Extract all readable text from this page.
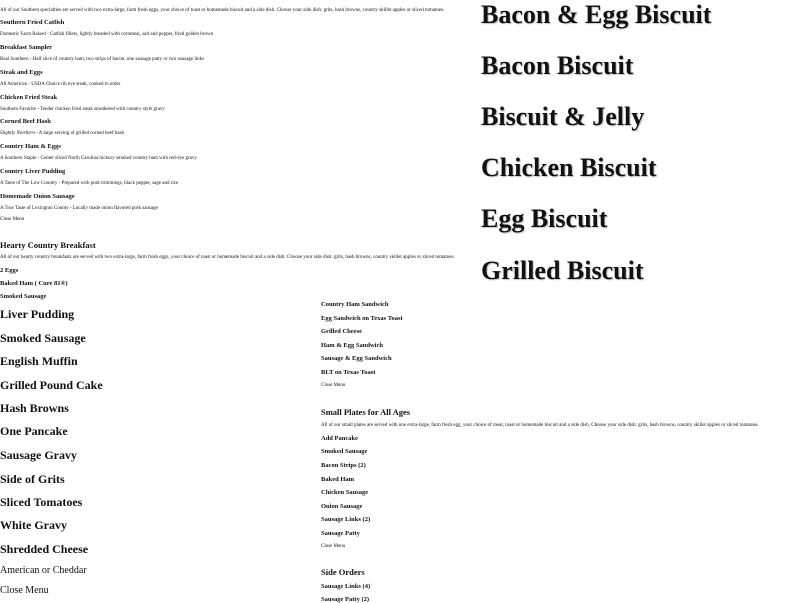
All of our Southern specialties are served with two extra-large, farm fresh eggs, your choice of toast or homemade biscuit and a side dish. Choose your side dish: grits, hash browns, country skillet apples or sliced tomatoes.
Southern Fried Catfish
Domestic Farm Raised - Catfish fillets, lightly breaded with cornmeal, salt and pepper, fried golden brown
Breakfast Sampler
Real Southern - Half slice of country ham, two strips of bacon, one sausage patty or two sausage links
Steak and Eggs
All American - USDA Choice rib eye steak, cooked to order
Chicken Fried Steak
Southern Favorite - Tender chicken fried steak smothered with country style gravy
Corned Beef Hash
Slightly Northern - A large serving of grilled corned beef hash
Country Ham & Eggs
A Southern Staple - Center sliced North Carolina hickory smoked country ham with red-eye gravy
Country Liver Pudding
A Taste of The Low Country - Prepared with pork trimmings, black pepper, sage and rice
Homemade Onion Sausage
A True Taste of Lexington County - Locally made onion flavored pork sausage
Close Menu
Hearty Country Breakfast
All of our hearty country breakfasts are served with two extra-large, farm fresh eggs, your choice of toast or homemade biscuit and a side dish. Choose your side dish: grits, hash browns, country skillet apples or sliced tomatoes.
2 Eggs
Baked Ham ( Cure 81®)
Smoked Sausage
Liver Pudding
Smoked Sausage
English Muffin
Grilled Pound Cake
Hash Browns
One Pancake
Sausage Gravy
Side of Grits
Sliced Tomatoes
White Gravy
Shredded Cheese
American or Cheddar
Close Menu
Bacon & Egg Biscuit
Bacon Biscuit
Biscuit & Jelly
Chicken Biscuit
Egg Biscuit
Grilled Biscuit
Country Ham Sandwich
Egg Sandwich on Texas Toast
Grilled Cheese
Ham & Egg Sandwich
Sausage & Egg Sandwich
BLT on Texas Toast
Close Menu
Small Plates for All Ages
All of our small plates are served with one extra-large, farm fresh egg, your choice of meat, toast or homemade biscuit and a side dish. Choose your side dish: grits, hash browns, country skillet apples or sliced tomatoes.
Add Pancake
Smoked Sausage
Bacon Strips (2)
Baked Ham
Chicken Sausage
Onion Sausage
Sausage Links (2)
Sausage Patty
Close Menu
Side Orders
Sausage Links (4)
Sausage Patty (2)
